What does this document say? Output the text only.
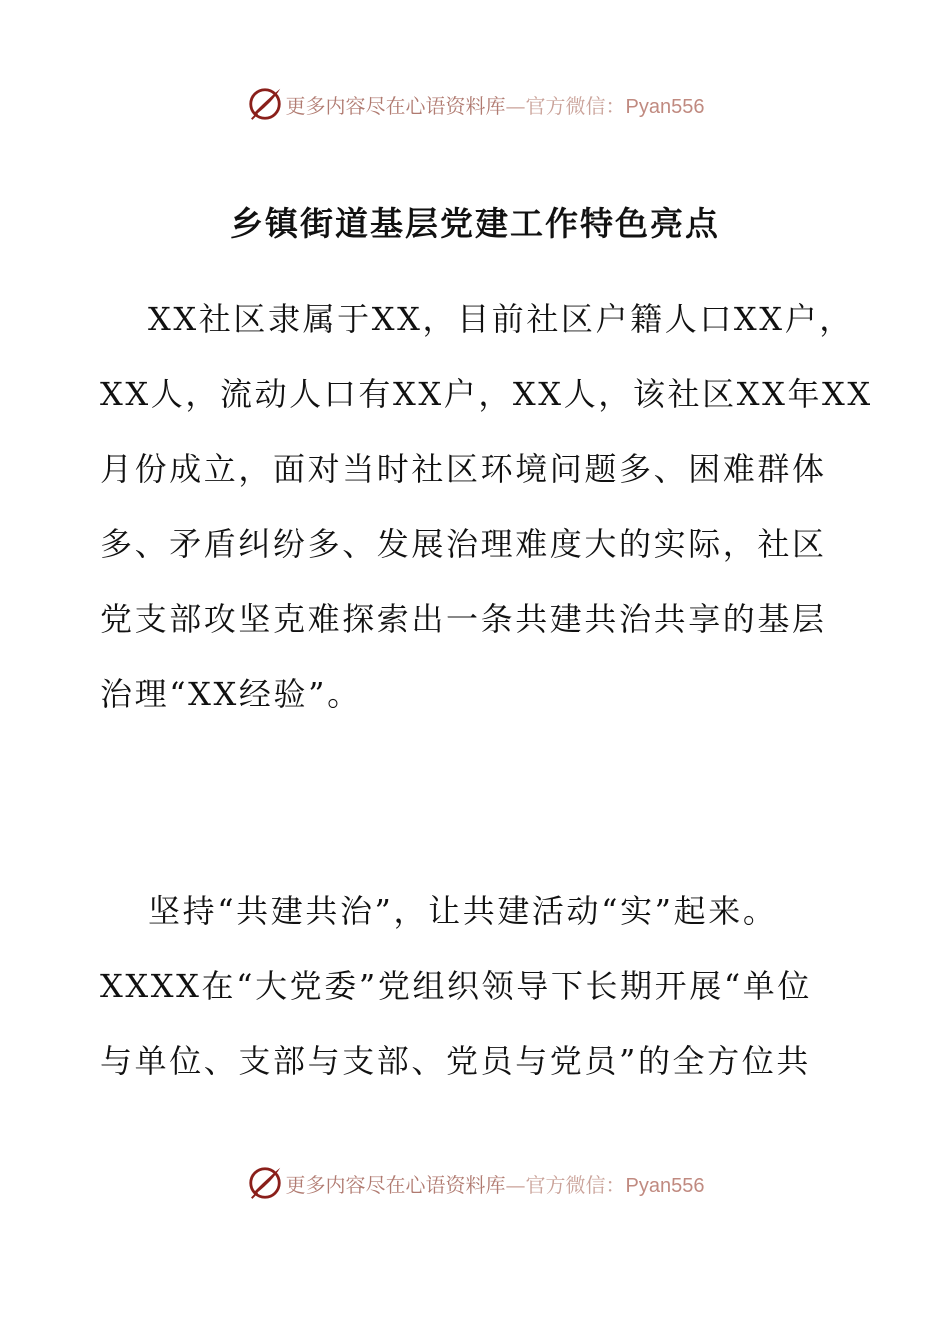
更多内容尽在心语资料库—官方微信：Pyan556
乡镇街道基层党建工作特色亮点
XX社区隶属于XX，目前社区户籍人口XX户，
XX人，流动人口有XX户，XX人，该社区XX年XX
月份成立，面对当时社区环境问题多、困难群体
多、矛盾纠纷多、发展治理难度大的实际，社区
党支部攻坚克难探索出一条共建共治共享的基层
治理“XX经验”。
坚持“共建共治”，让共建活动“实”起来。
XXXX在“大党委”党组织领导下长期开展“单位
与单位、支部与支部、党员与党员”的全方位共
更多内容尽在心语资料库—官方微信：Pyan556
